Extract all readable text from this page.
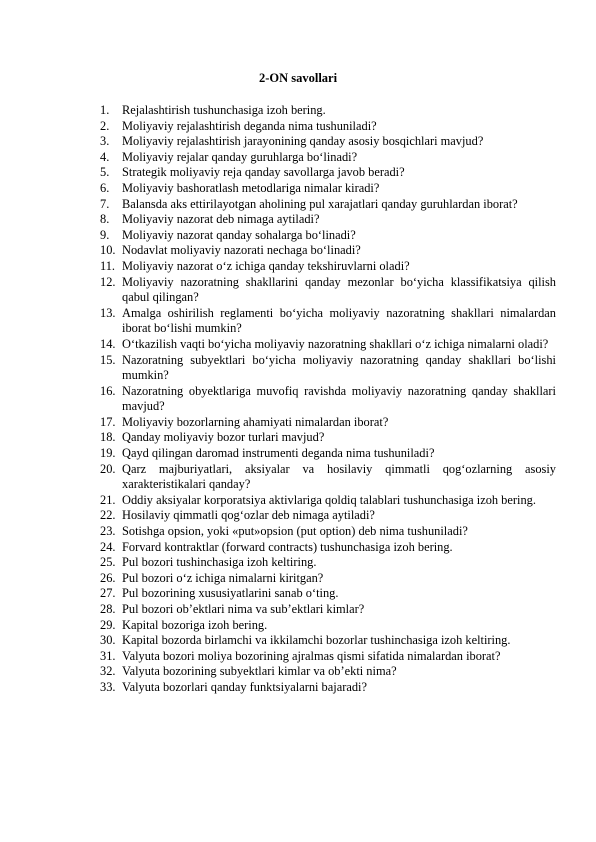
2-ON savollari
1. Rejalashtirish tushunchasiga izoh bering.
2. Moliyaviy rejalashtirish deganda nima tushuniladi?
3. Moliyaviy rejalashtirish jarayonining qanday asosiy bosqichlari mavjud?
4. Moliyaviy rejalar qanday guruhlarga bo‘linadi?
5. Strategik moliyaviy reja qanday savollarga javob beradi?
6. Moliyaviy bashoratlash metodlariga nimalar kiradi?
7. Balansda aks ettirilayotgan aholining pul xarajatlari qanday guruhlardan iborat?
8. Moliyaviy nazorat deb nimaga aytiladi?
9. Moliyaviy nazorat qanday sohalarga bo‘linadi?
10. Nodavlat moliyaviy nazorati nechaga bo‘linadi?
11. Moliyaviy nazorat o‘z ichiga qanday tekshiruvlarni oladi?
12. Moliyaviy nazoratning shakllarini qanday mezonlar bo‘yicha klassifikatsiya qilish qabul qilingan?
13. Amalga oshirilish reglamenti bo‘yicha moliyaviy nazoratning shakllari nimalardan iborat bo‘lishi mumkin?
14. O‘tkazilish vaqti bo‘yicha moliyaviy nazoratning shakllari o‘z ichiga nimalarni oladi?
15. Nazoratning subyektlari bo‘yicha moliyaviy nazoratning qanday shakllari bo‘lishi mumkin?
16. Nazoratning obyektlariga muvofiq ravishda moliyaviy nazoratning qanday shakllari mavjud?
17. Moliyaviy bozorlarning ahamiyati nimalardan iborat?
18. Qanday moliyaviy bozor turlari mavjud?
19. Qayd qilingan daromad instrumenti deganda nima tushuniladi?
20. Qarz majburiyatlari, aksiyalar va hosilaviy qimmatli qog‘ozlarning asosiy xarakteristikalari qanday?
21. Oddiy aksiyalar korporatsiya aktivlariga qoldiq talablari tushunchasiga izoh bering.
22. Hosilaviy qimmatli qog‘ozlar deb nimaga aytiladi?
23. Sotishga opsion, yoki «put»opsion (put option) deb nima tushuniladi?
24. Forvard kontraktlar (forward contracts) tushunchasiga izoh bering.
25. Pul bozori tushinchasiga izoh keltiring.
26. Pul bozori o‘z ichiga nimalarni kiritgan?
27. Pul bozorining xususiyatlarini sanab o‘ting.
28. Pul bozori ob’ektlari nima va sub’ektlari kimlar?
29. Kapital bozoriga izoh bering.
30. Kapital bozorda birlamchi va ikkilamchi bozorlar tushinchasiga izoh keltiring.
31. Valyuta bozori moliya bozorining ajralmas qismi sifatida nimalardan iborat?
32. Valyuta bozorining subyektlari kimlar va ob’ekti nima?
33. Valyuta bozorlari qanday funktsiyalarni bajaradi?
